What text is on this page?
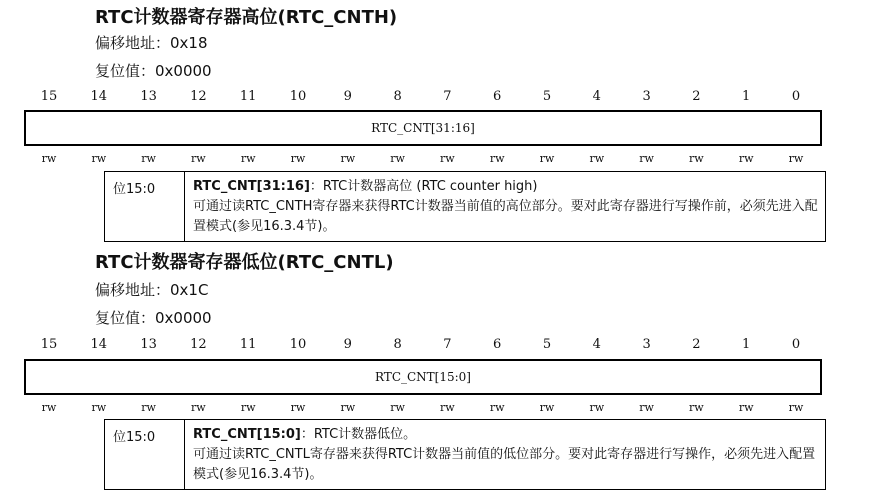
RTC计数器寄存器高位(RTC_CNTH)
偏移地址：0x18
复位值：0x0000
15	14	13	12	11	10	9	8	7	6	5	4	3	2	1	0
RTC_CNT[31:16]
rw	rw	rw	rw	rw	rw	rw	rw	rw	rw	rw	rw	rw	rw	rw	rw
位15:0	RTC_CNT[31:16]：RTC计数器高位 (RTC counter high)
可通过读RTC_CNTH寄存器来获得RTC计数器当前值的高位部分。要对此寄存器进行写操作前，必须先进入配置模式(参见16.3.4节)。
RTC计数器寄存器低位(RTC_CNTL)
偏移地址：0x1C
复位值：0x0000
15	14	13	12	11	10	9	8	7	6	5	4	3	2	1	0
RTC_CNT[15:0]
rw	rw	rw	rw	rw	rw	rw	rw	rw	rw	rw	rw	rw	rw	rw	rw
位15:0	RTC_CNT[15:0]：RTC计数器低位。
可通过读RTC_CNTL寄存器来获得RTC计数器当前值的低位部分。要对此寄存器进行写操作，必须先进入配置模式(参见16.3.4节)。
